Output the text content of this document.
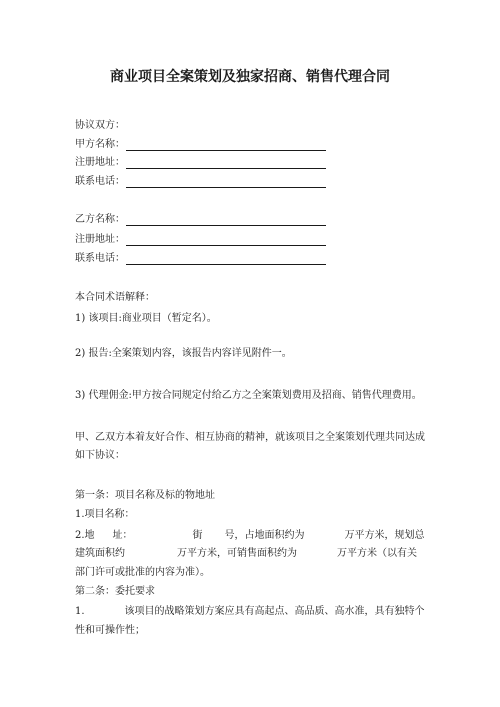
商业项目全案策划及独家招商、销售代理合同
协议双方：
甲方名称：
注册地址：
联系电话：
乙方名称：
注册地址：
联系电话：
本合同术语解释：
1) 该项目:商业项目（暂定名）。
2) 报告:全案策划内容，该报告内容详见附件一。
3) 代理佣金:甲方按合同规定付给乙方之全案策划费用及招商、销售代理费用。
甲、乙双方本着友好合作、相互协商的精神，就该项目之全案策划代理共同达成
如下协议：
第一条：项目名称及标的物地址
1.项目名称：
2.地 址：	街 号，占地面积约为	万平方米，规划总
建筑面积约	万平方米，可销售面积约为	万平方米（以有关
部门许可或批准的内容为准）。
第二条：委托要求
1.	该项目的战略策划方案应具有高起点、高品质、高水准，具有独特个
性和可操作性；
